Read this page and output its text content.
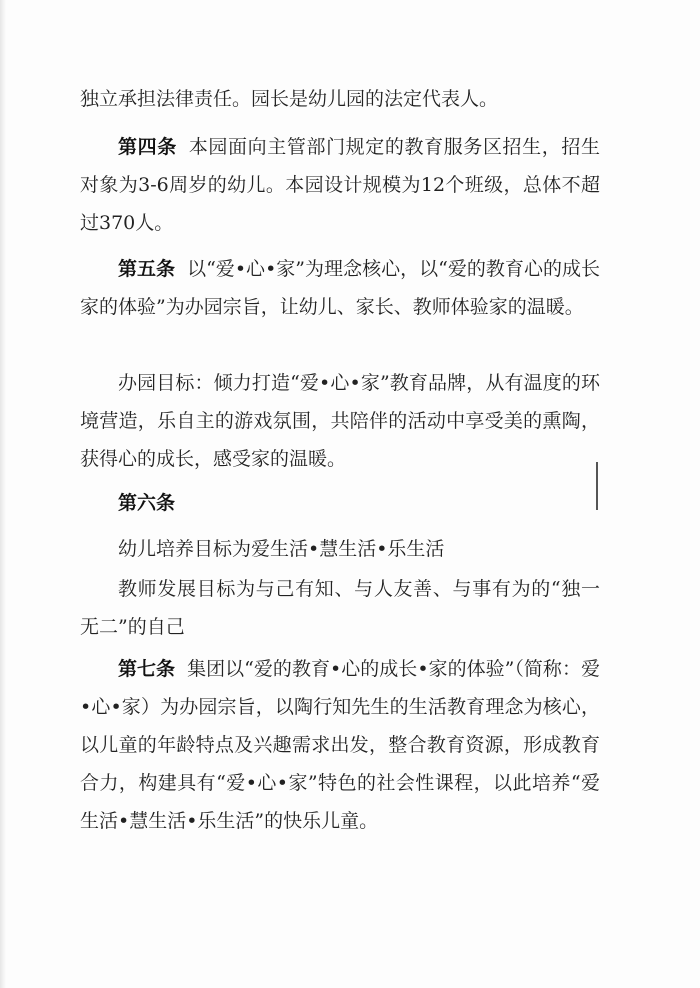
独立承担法律责任。园长是幼儿园的法定代表人。

第四条 本园面向主管部门规定的教育服务区招生，招生对象为3-6周岁的幼儿。本园设计规模为12个班级，总体不超过370人。

第五条 以“爱•心•家”为理念核心，以“爱的教育心的成长 家的体验”为办园宗旨，让幼儿、家长、教师体验家的温暖。

办园目标：倾力打造“爱•心•家”教育品牌，从有温度的环境营造，乐自主的游戏氛围，共陪伴的活动中享受美的熏陶，获得心的成长，感受家的温暖。

第六条

幼儿培养目标为爱生活•慧生活•乐生活

教师发展目标为与己有知、与人友善、与事有为的“独一无二”的自己

第七条 集团以“爱的教育•心的成长•家的体验”（简称：爱•心•家）为办园宗旨，以陶行知先生的生活教育理念为核心，以儿童的年龄特点及兴趣需求出发，整合教育资源，形成教育合力，构建具有“爱•心•家”特色的社会性课程，以此培养“爱生活•慧生活•乐生活”的快乐儿童。
